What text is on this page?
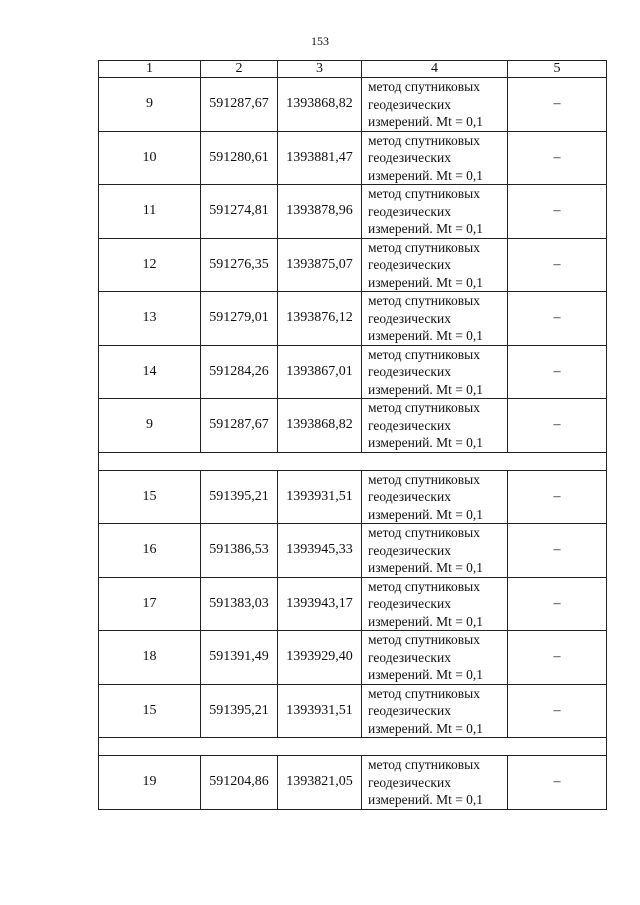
153
1	2	3	4	5
9	591287,67	1393868,82	метод спутниковых
геодезических
измерений. Mt = 0,1	–
10	591280,61	1393881,47	метод спутниковых
геодезических
измерений. Mt = 0,1	–
11	591274,81	1393878,96	метод спутниковых
геодезических
измерений. Mt = 0,1	–
12	591276,35	1393875,07	метод спутниковых
геодезических
измерений. Mt = 0,1	–
13	591279,01	1393876,12	метод спутниковых
геодезических
измерений. Mt = 0,1	–
14	591284,26	1393867,01	метод спутниковых
геодезических
измерений. Mt = 0,1	–
9	591287,67	1393868,82	метод спутниковых
геодезических
измерений. Mt = 0,1	–

15	591395,21	1393931,51	метод спутниковых
геодезических
измерений. Mt = 0,1	–
16	591386,53	1393945,33	метод спутниковых
геодезических
измерений. Mt = 0,1	–
17	591383,03	1393943,17	метод спутниковых
геодезических
измерений. Mt = 0,1	–
18	591391,49	1393929,40	метод спутниковых
геодезических
измерений. Mt = 0,1	–
15	591395,21	1393931,51	метод спутниковых
геодезических
измерений. Mt = 0,1	–

19	591204,86	1393821,05	метод спутниковых
геодезических
измерений. Mt = 0,1	–
